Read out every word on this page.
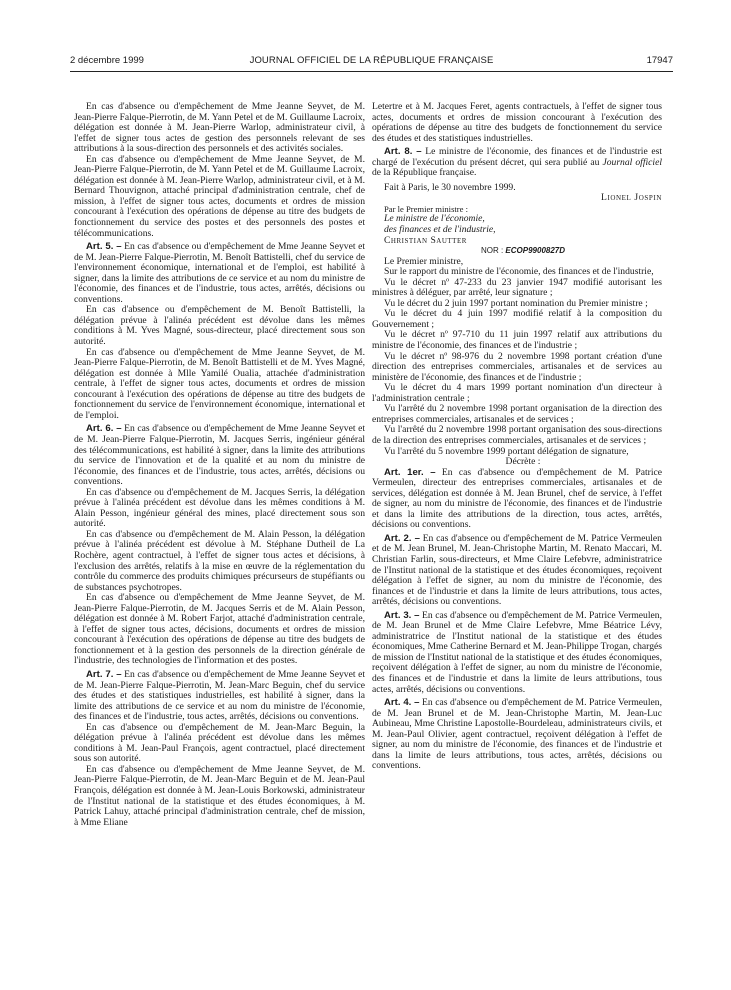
2 décembre 1999	JOURNAL OFFICIEL DE LA RÉPUBLIQUE FRANÇAISE	17947

En cas d'absence ou d'empêchement de Mme Jeanne Seyvet, de M. Jean-Pierre Falque-Pierrotin, de M. Yann Petel et de M. Guillaume Lacroix, délégation est donnée à M. Jean-Pierre Warlop, administrateur civil, à l'effet de signer tous actes de gestion des personnels relevant de ses attributions à la sous-direction des personnels et des activités sociales.

En cas d'absence ou d'empêchement de Mme Jeanne Seyvet, de M. Jean-Pierre Falque-Pierrotin, de M. Yann Petel et de M. Guillaume Lacroix, délégation est donnée à M. Jean-Pierre Warlop, administrateur civil, et à M. Bernard Thouvignon, attaché principal d'administration centrale, chef de mission, à l'effet de signer tous actes, documents et ordres de mission concourant à l'exécution des opérations de dépense au titre des budgets de fonctionnement du service des postes et des personnels des postes et télécommunications.

Art. 5. – En cas d'absence ou d'empêchement de Mme Jeanne Seyvet et de M. Jean-Pierre Falque-Pierrotin, M. Benoît Battistelli, chef du service de l'environnement économique, international et de l'emploi, est habilité à signer, dans la limite des attributions de ce service et au nom du ministre de l'économie, des finances et de l'industrie, tous actes, arrêtés, décisions ou conventions.

En cas d'absence ou d'empêchement de M. Benoît Battistelli, la délégation prévue à l'alinéa précédent est dévolue dans les mêmes conditions à M. Yves Magné, sous-directeur, placé directement sous son autorité.

En cas d'absence ou d'empêchement de Mme Jeanne Seyvet, de M. Jean-Pierre Falque-Pierrotin, de M. Benoît Battistelli et de M. Yves Magné, délégation est donnée à Mlle Yamilé Oualia, attachée d'administration centrale, à l'effet de signer tous actes, documents et ordres de mission concourant à l'exécution des opérations de dépense au titre des budgets de fonctionnement du service de l'environnement économique, international et de l'emploi.

Art. 6. – En cas d'absence ou d'empêchement de Mme Jeanne Seyvet et de M. Jean-Pierre Falque-Pierrotin, M. Jacques Serris, ingénieur général des télécommunications, est habilité à signer, dans la limite des attributions du service de l'innovation et de la qualité et au nom du ministre de l'économie, des finances et de l'industrie, tous actes, arrêtés, décisions ou conventions.

En cas d'absence ou d'empêchement de M. Jacques Serris, la délégation prévue à l'alinéa précédent est dévolue dans les mêmes conditions à M. Alain Pesson, ingénieur général des mines, placé directement sous son autorité.

En cas d'absence ou d'empêchement de M. Alain Pesson, la délégation prévue à l'alinéa précédent est dévolue à M. Stéphane Dutheil de La Rochère, agent contractuel, à l'effet de signer tous actes et décisions, à l'exclusion des arrêtés, relatifs à la mise en œuvre de la réglementation du contrôle du commerce des produits chimiques précurseurs de stupéfiants ou de substances psychotropes.

En cas d'absence ou d'empêchement de Mme Jeanne Seyvet, de M. Jean-Pierre Falque-Pierrotin, de M. Jacques Serris et de M. Alain Pesson, délégation est donnée à M. Robert Farjot, attaché d'administration centrale, à l'effet de signer tous actes, décisions, documents et ordres de mission concourant à l'exécution des opérations de dépense au titre des budgets de fonctionnement et à la gestion des personnels de la direction générale de l'industrie, des technologies de l'information et des postes.

Art. 7. – En cas d'absence ou d'empêchement de Mme Jeanne Seyvet et de M. Jean-Pierre Falque-Pierrotin, M. Jean-Marc Beguin, chef du service des études et des statistiques industrielles, est habilité à signer, dans la limite des attributions de ce service et au nom du ministre de l'économie, des finances et de l'industrie, tous actes, arrêtés, décisions ou conventions.

En cas d'absence ou d'empêchement de M. Jean-Marc Beguin, la délégation prévue à l'alinéa précédent est dévolue dans les mêmes conditions à M. Jean-Paul François, agent contractuel, placé directement sous son autorité.

En cas d'absence ou d'empêchement de Mme Jeanne Seyvet, de M. Jean-Pierre Falque-Pierrotin, de M. Jean-Marc Beguin et de M. Jean-Paul François, délégation est donnée à M. Jean-Louis Borkowski, administrateur de l'Institut national de la statistique et des études économiques, à M. Patrick Lahuy, attaché principal d'administration centrale, chef de mission, à Mme Eliane

Letertre et à M. Jacques Feret, agents contractuels, à l'effet de signer tous actes, documents et ordres de mission concourant à l'exécution des opérations de dépense au titre des budgets de fonctionnement du service des études et des statistiques industrielles.

Art. 8. – Le ministre de l'économie, des finances et de l'industrie est chargé de l'exécution du présent décret, qui sera publié au Journal officiel de la République française.

Fait à Paris, le 30 novembre 1999.

Lionel Jospin

Par le Premier ministre :

Le ministre de l'économie,

des finances et de l'industrie,

Christian Sautter

NOR : ECOP9900827D

Le Premier ministre,

Sur le rapport du ministre de l'économie, des finances et de l'industrie,

Vu le décret nº 47-233 du 23 janvier 1947 modifié autorisant les ministres à déléguer, par arrêté, leur signature ;

Vu le décret du 2 juin 1997 portant nomination du Premier ministre ;

Vu le décret du 4 juin 1997 modifié relatif à la composition du Gouvernement ;

Vu le décret nº 97-710 du 11 juin 1997 relatif aux attributions du ministre de l'économie, des finances et de l'industrie ;

Vu le décret nº 98-976 du 2 novembre 1998 portant création d'une direction des entreprises commerciales, artisanales et de services au ministère de l'économie, des finances et de l'industrie ;

Vu le décret du 4 mars 1999 portant nomination d'un directeur à l'administration centrale ;

Vu l'arrêté du 2 novembre 1998 portant organisation de la direction des entreprises commerciales, artisanales et de services ;

Vu l'arrêté du 2 novembre 1998 portant organisation des sous-directions de la direction des entreprises commerciales, artisanales et de services ;

Vu l'arrêté du 5 novembre 1999 portant délégation de signature,

Décrète :

Art. 1er. – En cas d'absence ou d'empêchement de M. Patrice Vermeulen, directeur des entreprises commerciales, artisanales et de services, délégation est donnée à M. Jean Brunel, chef de service, à l'effet de signer, au nom du ministre de l'économie, des finances et de l'industrie et dans la limite des attributions de la direction, tous actes, arrêtés, décisions ou conventions.

Art. 2. – En cas d'absence ou d'empêchement de M. Patrice Vermeulen et de M. Jean Brunel, M. Jean-Christophe Martin, M. Renato Maccari, M. Christian Farlin, sous-directeurs, et Mme Claire Lefebvre, administratrice de l'Institut national de la statistique et des études économiques, reçoivent délégation à l'effet de signer, au nom du ministre de l'économie, des finances et de l'industrie et dans la limite de leurs attributions, tous actes, arrêtés, décisions ou conventions.

Art. 3. – En cas d'absence ou d'empêchement de M. Patrice Vermeulen, de M. Jean Brunel et de Mme Claire Lefebvre, Mme Béatrice Lévy, administratrice de l'Institut national de la statistique et des études économiques, Mme Catherine Bernard et M. Jean-Philippe Trogan, chargés de mission de l'Institut national de la statistique et des études économiques, reçoivent délégation à l'effet de signer, au nom du ministre de l'économie, des finances et de l'industrie et dans la limite de leurs attributions, tous actes, arrêtés, décisions ou conventions.

Art. 4. – En cas d'absence ou d'empêchement de M. Patrice Vermeulen, de M. Jean Brunel et de M. Jean-Christophe Martin, M. Jean-Luc Aubineau, Mme Christine Lapostolle-Bourdeleau, administrateurs civils, et M. Jean-Paul Olivier, agent contractuel, reçoivent délégation à l'effet de signer, au nom du ministre de l'économie, des finances et de l'industrie et dans la limite de leurs attributions, tous actes, arrêtés, décisions ou conventions.
